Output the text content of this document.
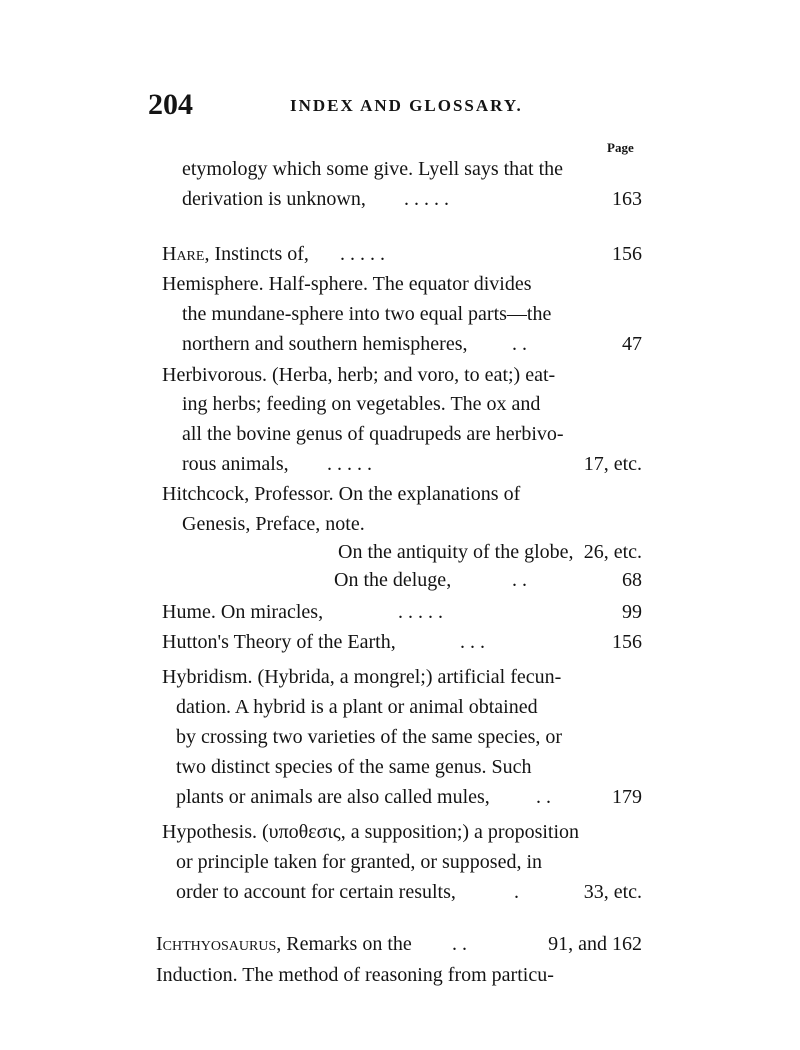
204	INDEX AND GLOSSARY.
Page
etymology which some give. Lyell says that the
derivation is unknown, . . . . .	163
Hare, Instincts of, . . . . .	156
Hemisphere. Half-sphere. The equator divides
the mundane-sphere into two equal parts—the
northern and southern hemispheres, . .	47
Herbivorous. (Herba, herb; and voro, to eat;) eat-
ing herbs; feeding on vegetables. The ox and
all the bovine genus of quadrupeds are herbivo-
rous animals, . . . . .	17, etc.
Hitchcock, Professor. On the explanations of
Genesis, Preface, note.
On the antiquity of the globe, 26, etc.
On the deluge,	. .	68
Hume. On miracles,	. . . . .	99
Hutton's Theory of the Earth,	. . .	156
Hybridism. (Hybrida, a mongrel;) artificial fecun-
dation. A hybrid is a plant or animal obtained
by crossing two varieties of the same species, or
two distinct species of the same genus. Such
plants or animals are also called mules, . .	179
Hypothesis. (υποθεσις, a supposition;) a proposition
or principle taken for granted, or supposed, in
order to account for certain results,	.	33, etc.
Ichthyosaurus, Remarks on the . .	91, and 162
Induction. The method of reasoning from particu-
